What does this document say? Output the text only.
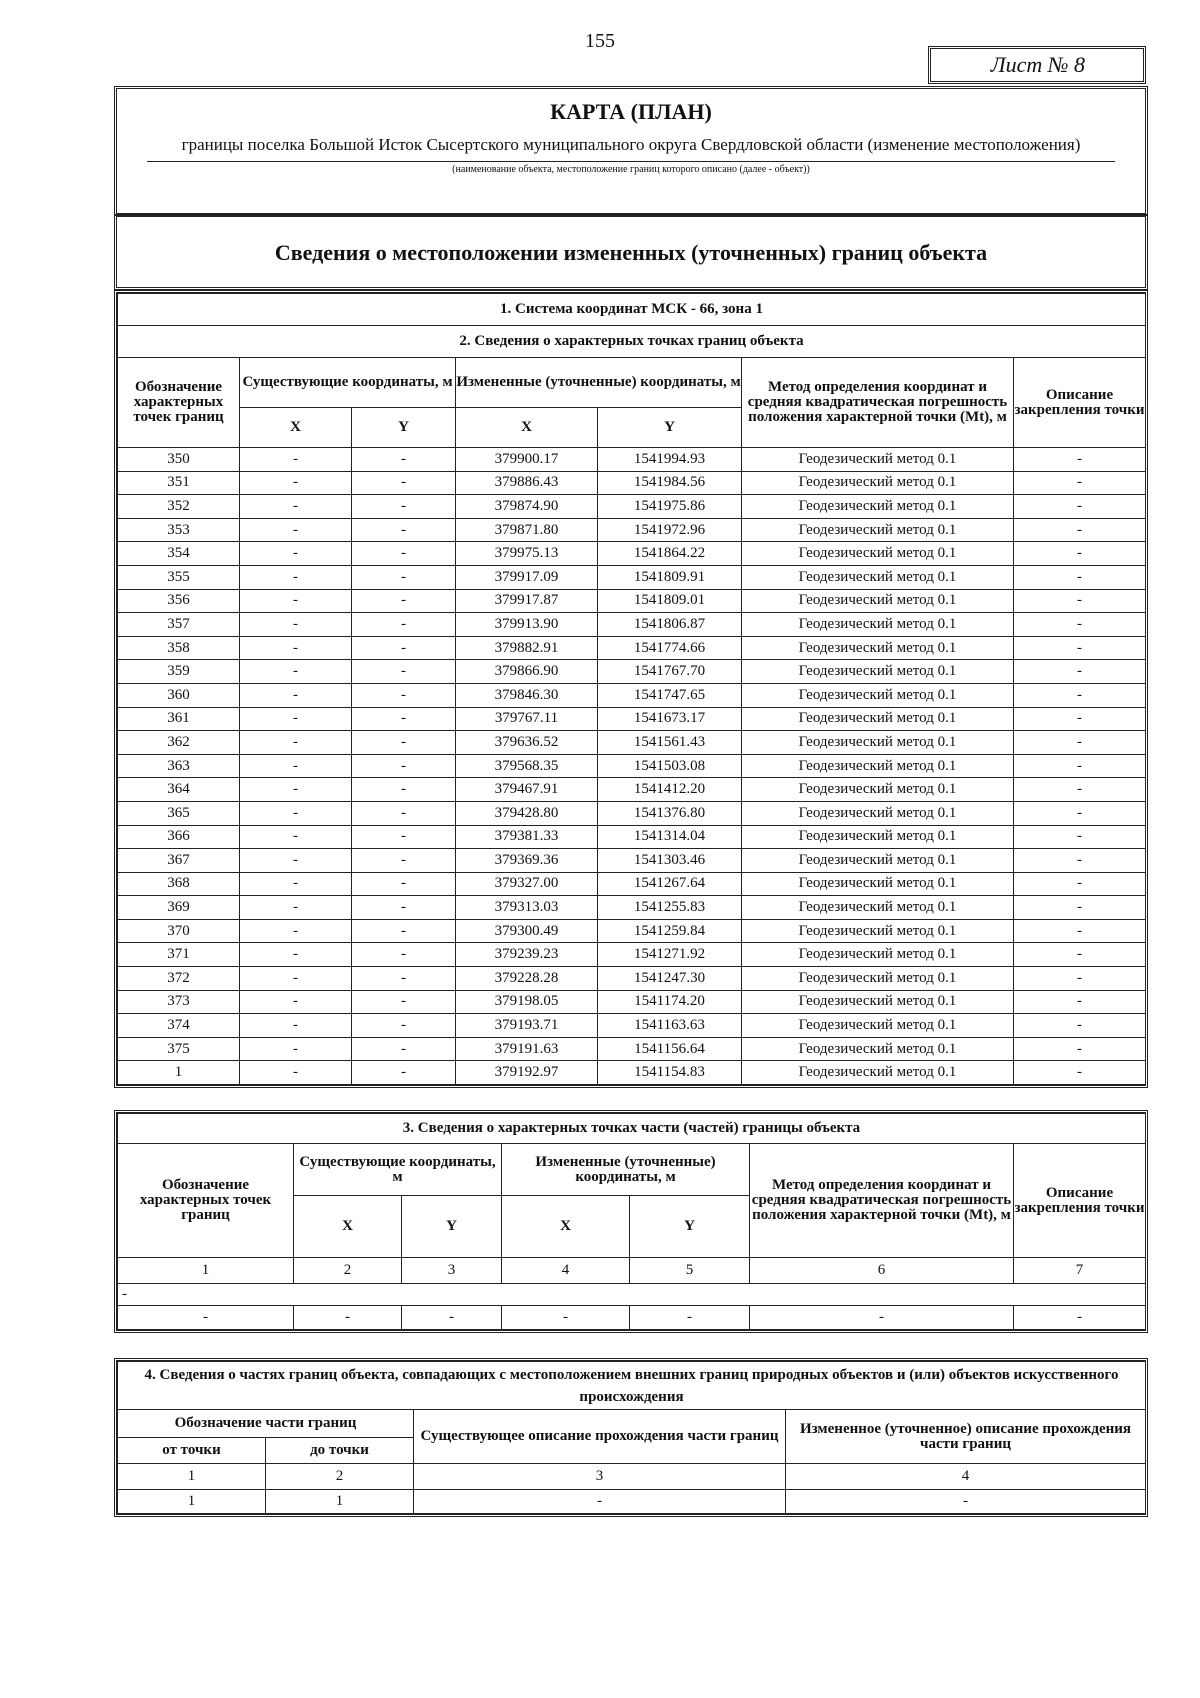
155
Лист № 8
КАРТА (ПЛАН)
границы поселка Большой Исток Сысертского муниципального округа Свердловской области (изменение местоположения)
(наименование объекта, местоположение границ которого описано (далее - объект))
Сведения о местоположении измененных (уточненных) границ объекта
1. Система координат МСК - 66, зона 1						
2. Сведения о характерных точках границ объекта						
Обозначение характерных точек границ	Существующие координаты, м		Измененные (уточненные) координаты, м		Метод определения координат и средняя квадратическая погрешность положения характерной точки (Mt), м	Описание закрепления точки
	X	Y	X	Y		
350	-	-	379900.17	1541994.93	Геодезический метод 0.1	-
351	-	-	379886.43	1541984.56	Геодезический метод 0.1	-
352	-	-	379874.90	1541975.86	Геодезический метод 0.1	-
353	-	-	379871.80	1541972.96	Геодезический метод 0.1	-
354	-	-	379975.13	1541864.22	Геодезический метод 0.1	-
355	-	-	379917.09	1541809.91	Геодезический метод 0.1	-
356	-	-	379917.87	1541809.01	Геодезический метод 0.1	-
357	-	-	379913.90	1541806.87	Геодезический метод 0.1	-
358	-	-	379882.91	1541774.66	Геодезический метод 0.1	-
359	-	-	379866.90	1541767.70	Геодезический метод 0.1	-
360	-	-	379846.30	1541747.65	Геодезический метод 0.1	-
361	-	-	379767.11	1541673.17	Геодезический метод 0.1	-
362	-	-	379636.52	1541561.43	Геодезический метод 0.1	-
363	-	-	379568.35	1541503.08	Геодезический метод 0.1	-
364	-	-	379467.91	1541412.20	Геодезический метод 0.1	-
365	-	-	379428.80	1541376.80	Геодезический метод 0.1	-
366	-	-	379381.33	1541314.04	Геодезический метод 0.1	-
367	-	-	379369.36	1541303.46	Геодезический метод 0.1	-
368	-	-	379327.00	1541267.64	Геодезический метод 0.1	-
369	-	-	379313.03	1541255.83	Геодезический метод 0.1	-
370	-	-	379300.49	1541259.84	Геодезический метод 0.1	-
371	-	-	379239.23	1541271.92	Геодезический метод 0.1	-
372	-	-	379228.28	1541247.30	Геодезический метод 0.1	-
373	-	-	379198.05	1541174.20	Геодезический метод 0.1	-
374	-	-	379193.71	1541163.63	Геодезический метод 0.1	-
375	-	-	379191.63	1541156.64	Геодезический метод 0.1	-
1	-	-	379192.97	1541154.83	Геодезический метод 0.1	-
3. Сведения о характерных точках части (частей) границы объекта						
Обозначение характерных точек границ	Существующие координаты, м		Измененные (уточненные) координаты, м		Метод определения координат и средняя квадратическая погрешность положения характерной точки (Mt), м	Описание закрепления точки
	X	Y	X	Y		
1	2	3	4	5	6	7
-						
-	-	-	-	-	-	-
4. Сведения о частях границ объекта, совпадающих с местоположением внешних границ природных объектов и (или) объектов искусственного происхождения			
Обозначение части границ		Существующее описание прохождения части границ	Измененное (уточненное) описание прохождения части границ
от точки	до точки		
1	2	3	4
1	1	-	-
